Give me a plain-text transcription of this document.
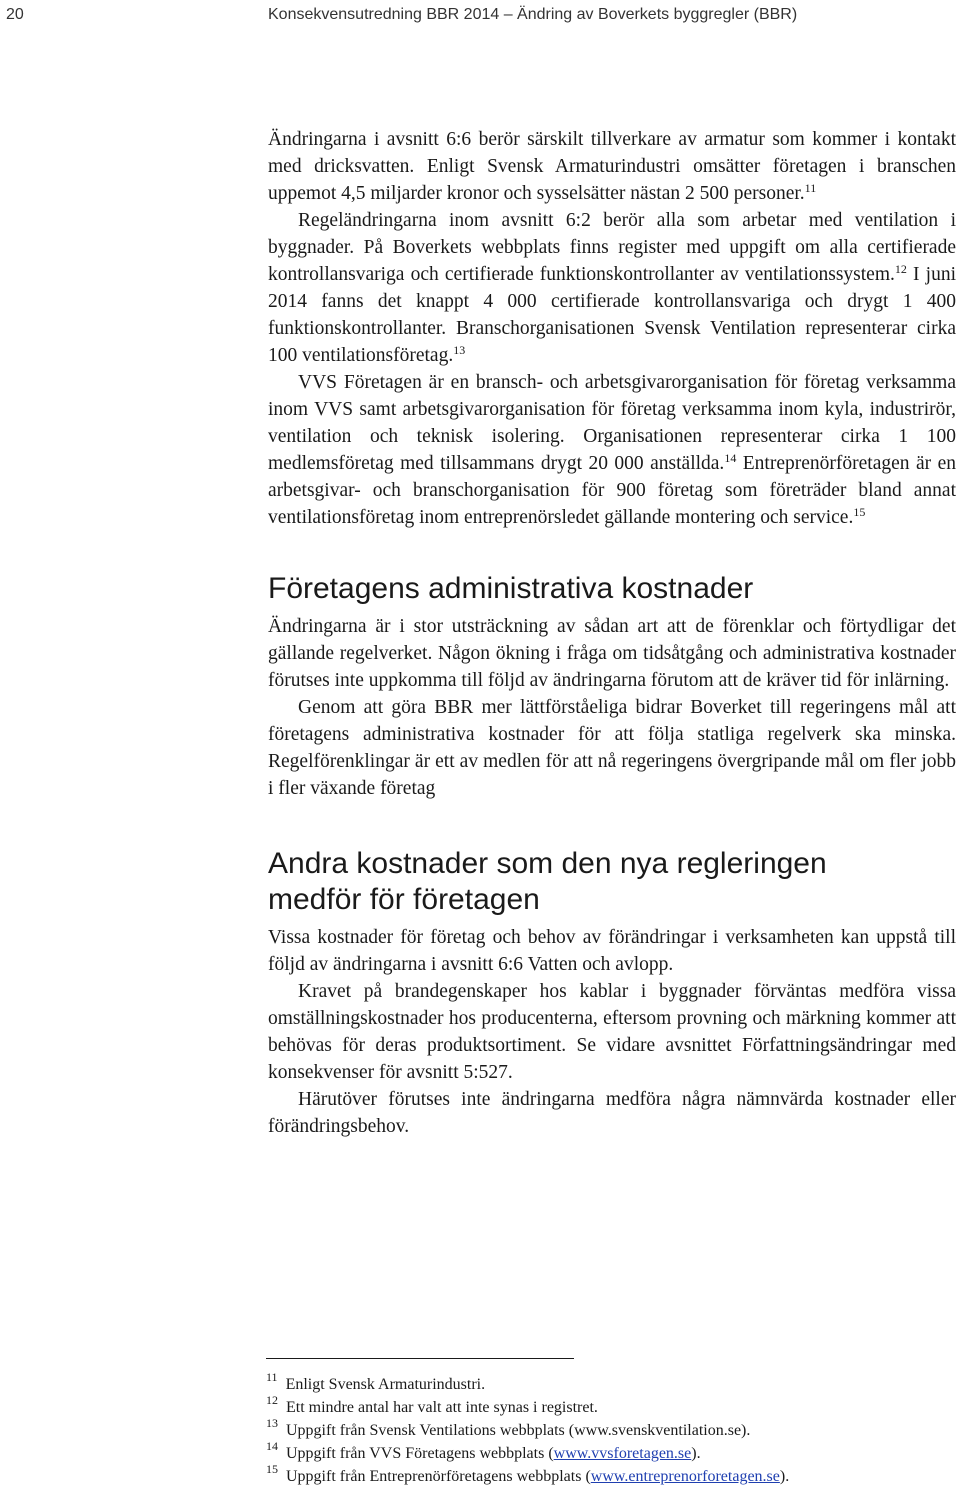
20	Konsekvensutredning BBR 2014 – Ändring av Boverkets byggregler (BBR)

Ändringarna i avsnitt 6:6 berör särskilt tillverkare av armatur som kommer i kontakt med dricksvatten. Enligt Svensk Armaturindustri omsätter företagen i branschen uppemot 4,5 miljarder kronor och sysselsätter nästan 2 500 personer.$^{11}$

Regeländringarna inom avsnitt 6:2 berör alla som arbetar med ventilation i byggnader. På Boverkets webbplats finns register med uppgift om alla certifierade kontrollansvariga och certifierade funktionskontrollanter av ventilationssystem.$^{12}$ I juni 2014 fanns det knappt 4 000 certifierade kontrollansvariga och drygt 1 400 funktionskontrollanter. Branschorganisationen Svensk Ventilation representerar cirka 100 ventilationsföretag.$^{13}$

VVS Företagen är en bransch- och arbetsgivarorganisation för företag verksamma inom VVS samt arbetsgivarorganisation för företag verksamma inom kyla, industrirör, ventilation och teknisk isolering. Organisationen representerar cirka 1 100 medlemsföretag med tillsammans drygt 20 000 anställda.$^{14}$ Entreprenörföretagen är en arbetsgivar- och branschorganisation för 900 företag som företräder bland annat ventilationsföretag inom entreprenörsledet gällande montering och service.$^{15}$

Företagens administrativa kostnader

Ändringarna är i stor utsträckning av sådan art att de förenklar och förtydligar det gällande regelverket. Någon ökning i fråga om tidsåtgång och administrativa kostnader förutses inte uppkomma till följd av ändringarna förutom att de kräver tid för inlärning.

Genom att göra BBR mer lättförståeliga bidrar Boverket till regeringens mål att företagens administrativa kostnader för att följa statliga regelverk ska minska. Regelförenklingar är ett av medlen för att nå regeringens övergripande mål om fler jobb i fler växande företag

Andra kostnader som den nya regleringen medför för företagen

Vissa kostnader för företag och behov av förändringar i verksamheten kan uppstå till följd av ändringarna i avsnitt 6:6 Vatten och avlopp.

Kravet på brandegenskaper hos kablar i byggnader förväntas medföra vissa omställningskostnader hos producenterna, eftersom provning och märkning kommer att behövas för deras produktsortiment. Se vidare avsnittet Författningsändringar med konsekvenser för avsnitt 5:527.

Härutöver förutses inte ändringarna medföra några nämnvärda kostnader eller förändringsbehov.

$^{11}$ Enligt Svensk Armaturindustri.
$^{12}$ Ett mindre antal har valt att inte synas i registret.
$^{13}$ Uppgift från Svensk Ventilations webbplats (www.svenskventilation.se).
$^{14}$ Uppgift från VVS Företagens webbplats (www.vvsforetagen.se).
$^{15}$ Uppgift från Entreprenörföretagens webbplats (www.entreprenorforetagen.se).
